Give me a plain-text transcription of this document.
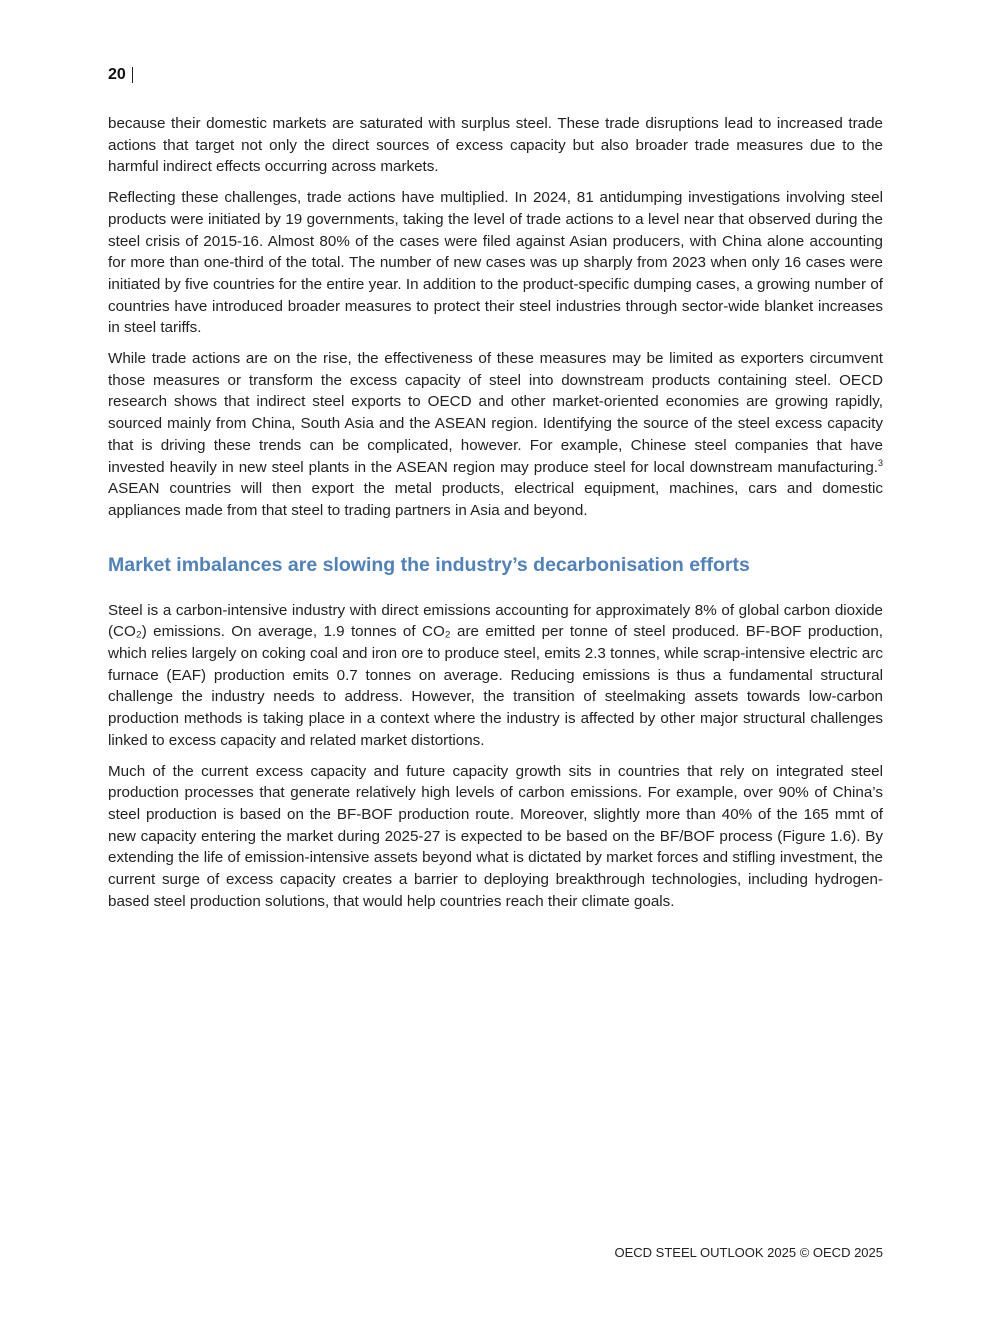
20

because their domestic markets are saturated with surplus steel. These trade disruptions lead to increased trade actions that target not only the direct sources of excess capacity but also broader trade measures due to the harmful indirect effects occurring across markets.

Reflecting these challenges, trade actions have multiplied. In 2024, 81 antidumping investigations involving steel products were initiated by 19 governments, taking the level of trade actions to a level near that observed during the steel crisis of 2015-16. Almost 80% of the cases were filed against Asian producers, with China alone accounting for more than one-third of the total. The number of new cases was up sharply from 2023 when only 16 cases were initiated by five countries for the entire year. In addition to the product-specific dumping cases, a growing number of countries have introduced broader measures to protect their steel industries through sector-wide blanket increases in steel tariffs.

While trade actions are on the rise, the effectiveness of these measures may be limited as exporters circumvent those measures or transform the excess capacity of steel into downstream products containing steel. OECD research shows that indirect steel exports to OECD and other market-oriented economies are growing rapidly, sourced mainly from China, South Asia and the ASEAN region. Identifying the source of the steel excess capacity that is driving these trends can be complicated, however. For example, Chinese steel companies that have invested heavily in new steel plants in the ASEAN region may produce steel for local downstream manufacturing.$^3$ ASEAN countries will then export the metal products, electrical equipment, machines, cars and domestic appliances made from that steel to trading partners in Asia and beyond.

Market imbalances are slowing the industry’s decarbonisation efforts

Steel is a carbon-intensive industry with direct emissions accounting for approximately 8% of global carbon dioxide (CO₂) emissions. On average, 1.9 tonnes of CO₂ are emitted per tonne of steel produced. BF-BOF production, which relies largely on coking coal and iron ore to produce steel, emits 2.3 tonnes, while scrap-intensive electric arc furnace (EAF) production emits 0.7 tonnes on average. Reducing emissions is thus a fundamental structural challenge the industry needs to address. However, the transition of steelmaking assets towards low-carbon production methods is taking place in a context where the industry is affected by other major structural challenges linked to excess capacity and related market distortions.

Much of the current excess capacity and future capacity growth sits in countries that rely on integrated steel production processes that generate relatively high levels of carbon emissions. For example, over 90% of China’s steel production is based on the BF-BOF production route. Moreover, slightly more than 40% of the 165 mmt of new capacity entering the market during 2025-27 is expected to be based on the BF/BOF process (Figure 1.6). By extending the life of emission-intensive assets beyond what is dictated by market forces and stifling investment, the current surge of excess capacity creates a barrier to deploying breakthrough technologies, including hydrogen-based steel production solutions, that would help countries reach their climate goals.

OECD STEEL OUTLOOK 2025 © OECD 2025
